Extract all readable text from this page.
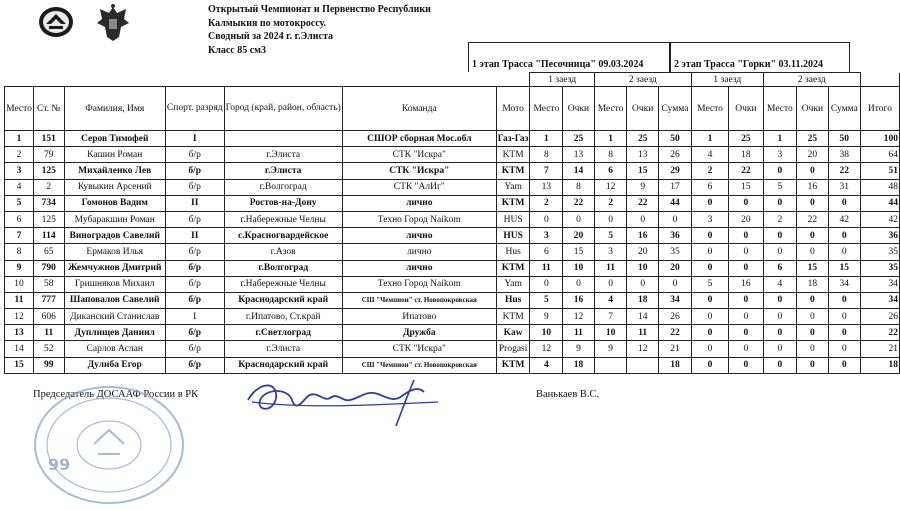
Открытый Чемпионат и Первенство Республики
Калмыкия по мотокроссу.
Сводный за 2024 г. г.Элиста
Класс 85 см3
1 этап Трасса "Песочница" 09.03.2024	2 этап Трасса "Горки" 03.11.2024
							1 заезд		2 заезд			1 заезд		2 заезд			
Место	Ст. №	Фамилия, Имя	Спорт. разряд	Город (край, район, область)	Команда	Мото	Место	Очки	Место	Очки	Сумма	Место	Очки	Место	Очки	Сумма	Итого
1	151	Серов Тимофей	I		СШОР сборная Мос.обл	Газ-Газ	1	25	1	25	50	1	25	1	25	50	100
2	79	Кашин Роман	б/р	г.Элиста	СТК "Искра"	KTM	8	13	8	13	26	4	18	3	20	38	64
3	125	Михайленко Лев	б/р	г.Элиста	СТК "Искра"	KTM	7	14	6	15	29	2	22	0	0	22	51
4	2	Кувыкин Арсений	б/р	г.Волгоград	СТК "АлИг"	Yam	13	8	12	9	17	6	15	5	16	31	48
5	734	Гомонов Вадим	II	Ростов-на-Дону	лично	KTM	2	22	2	22	44	0	0	0	0	0	44
6	125	Мубаракшин Роман	б/р	г.Набережные Челны	Техно Город Naikom	HUS	0	0	0	0	0	3	20	2	22	42	42
7	114	Виноградов Савелий	II	с.Красногвардейское	лично	HUS	3	20	5	16	36	0	0	0	0	0	36
8	65	Ермаков Илья	б/р	г.Азов	лично	Hus	6	15	3	20	35	0	0	0	0	0	35
9	790	Жемчужнов Дмитрий	б/р	г.Волгоград	лично	KTM	11	10	11	10	20	0	0	6	15	15	35
10	58	Гришняков Михаил	б/р	г.Набережные Челны	Техно Город Naikom	Yam	0	0	0	0	0	5	16	4	18	34	34
11	777	Шаповалов Савелий	б/р	Краснодарский край	СШ "Чемпион" ст. Новопокровская	Hus	5	16	4	18	34	0	0	0	0	0	34
12	606	Диканский Станислав	I	г.Ипатово, Ст.край	Ипатово	KTM	9	12	7	14	26	0	0	0	0	0	26
13	11	Дуплищев Даниил	б/р	г.Светлоград	Дружба	Kaw	10	11	10	11	22	0	0	0	0	0	22
14	52	Сарлов Аслан	б/р	г.Элиста	СТК "Искра"	Progasi	12	9	9	12	21	0	0	0	0	0	21
15	99	Дулиба Егор	б/р	Краснодарский край	СШ "Чемпион" ст. Новопокровская	KTM	4	18			18	0	0	0	0	0	18
Председатель ДОСААФ России в РК	Ванькаев В.С.
99
